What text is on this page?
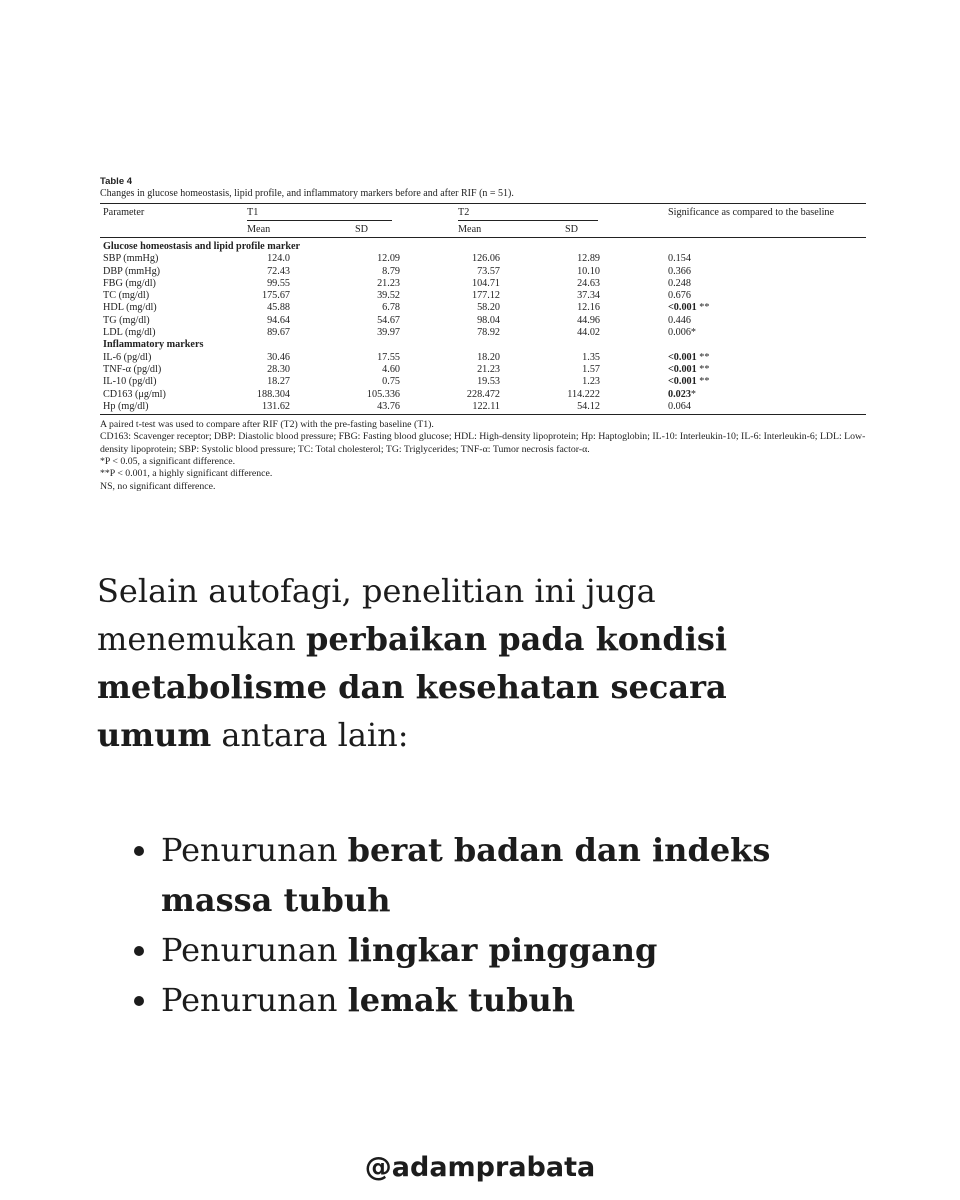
Table 4
Changes in glucose homeostasis, lipid profile, and inflammatory markers before and after RIF (n = 51).
Parameter	T1	T2	Significance as compared to the baseline
Mean	SD	Mean	SD
Glucose homeostasis and lipid profile marker
SBP (mmHg)	124.0	12.09	126.06	12.89	0.154
DBP (mmHg)	72.43	8.79	73.57	10.10	0.366
FBG (mg/dl)	99.55	21.23	104.71	24.63	0.248
TC (mg/dl)	175.67	39.52	177.12	37.34	0.676
HDL (mg/dl)	45.88	6.78	58.20	12.16	<0.001 **
TG (mg/dl)	94.64	54.67	98.04	44.96	0.446
LDL (mg/dl)	89.67	39.97	78.92	44.02	0.006*
Inflammatory markers
IL-6 (pg/dl)	30.46	17.55	18.20	1.35	<0.001 **
TNF-α (pg/dl)	28.30	4.60	21.23	1.57	<0.001 **
IL-10 (pg/dl)	18.27	0.75	19.53	1.23	<0.001 **
CD163 (μg/ml)	188.304	105.336	228.472	114.222	0.023*
Hp (mg/dl)	131.62	43.76	122.11	54.12	0.064
A paired t-test was used to compare after RIF (T2) with the pre-fasting baseline (T1).
CD163: Scavenger receptor; DBP: Diastolic blood pressure; FBG: Fasting blood glucose; HDL: High-density lipoprotein; Hp: Haptoglobin; IL-10: Interleukin-10; IL-6: Interleukin-6; LDL: Low-density lipoprotein; SBP: Systolic blood pressure; TC: Total cholesterol; TG: Triglycerides; TNF-α: Tumor necrosis factor-α.
*P < 0.05, a significant difference.
**P < 0.001, a highly significant difference.
NS, no significant difference.
Selain autofagi, penelitian ini juga menemukan perbaikan pada kondisi metabolisme dan kesehatan secara umum antara lain:
• Penurunan berat badan dan indeks massa tubuh
• Penurunan lingkar pinggang
• Penurunan lemak tubuh
@adamprabata
